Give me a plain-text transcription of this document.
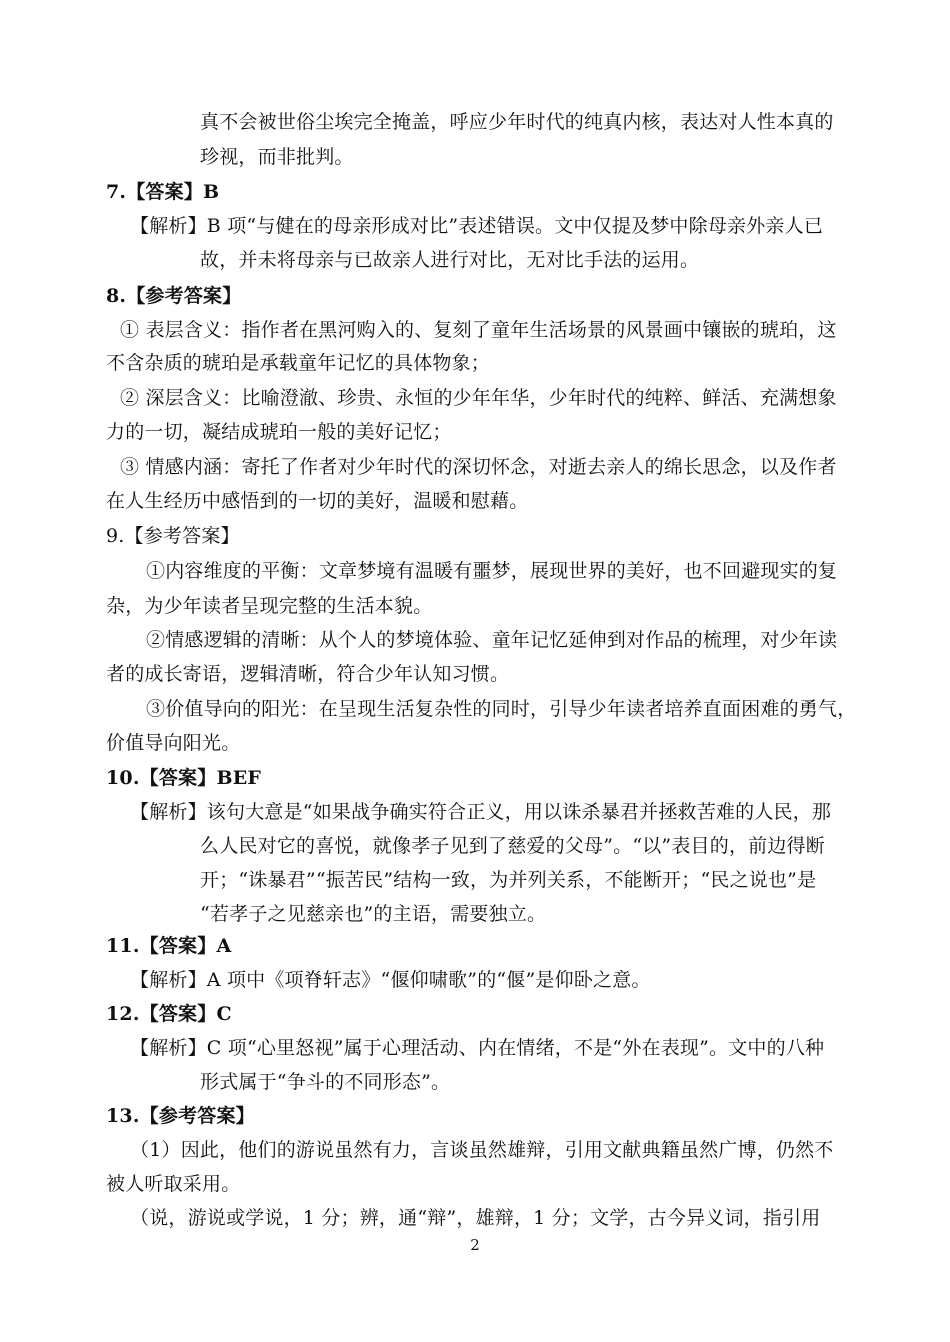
真不会被世俗尘埃完全掩盖，呼应少年时代的纯真内核，表达对人性本真的
珍视，而非批判。
7.【答案】B
【解析】B 项“与健在的母亲形成对比”表述错误。文中仅提及梦中除母亲外亲人已
故，并未将母亲与已故亲人进行对比，无对比手法的运用。
8.【参考答案】
① 表层含义：指作者在黑河购入的、复刻了童年生活场景的风景画中镶嵌的琥珀，这
不含杂质的琥珀是承载童年记忆的具体物象；
② 深层含义：比喻澄澈、珍贵、永恒的少年年华，少年时代的纯粹、鲜活、充满想象
力的一切，凝结成琥珀一般的美好记忆；
③ 情感内涵：寄托了作者对少年时代的深切怀念，对逝去亲人的绵长思念，以及作者
在人生经历中感悟到的一切的美好，温暖和慰藉。
9.【参考答案】
①内容维度的平衡：文章梦境有温暖有噩梦，展现世界的美好，也不回避现实的复
杂，为少年读者呈现完整的生活本貌。
②情感逻辑的清晰：从个人的梦境体验、童年记忆延伸到对作品的梳理，对少年读
者的成长寄语，逻辑清晰，符合少年认知习惯。
③价值导向的阳光：在呈现生活复杂性的同时，引导少年读者培养直面困难的勇气，
价值导向阳光。
10.【答案】BEF
【解析】该句大意是“如果战争确实符合正义，用以诛杀暴君并拯救苦难的人民，那
么人民对它的喜悦，就像孝子见到了慈爱的父母”。“以”表目的，前边得断
开；“诛暴君”“振苦民”结构一致，为并列关系，不能断开；“民之说也”是
“若孝子之见慈亲也”的主语，需要独立。
11.【答案】A
【解析】A 项中《项脊轩志》“偃仰啸歌”的“偃”是仰卧之意。
12.【答案】C
【解析】C 项“心里怒视”属于心理活动、内在情绪，不是“外在表现”。文中的八种
形式属于“争斗的不同形态”。
13.【参考答案】
（1）因此，他们的游说虽然有力，言谈虽然雄辩，引用文献典籍虽然广博，仍然不
被人听取采用。
（说，游说或学说，1 分；辨，通“辩”，雄辩，1 分；文学，古今异义词，指引用
2
